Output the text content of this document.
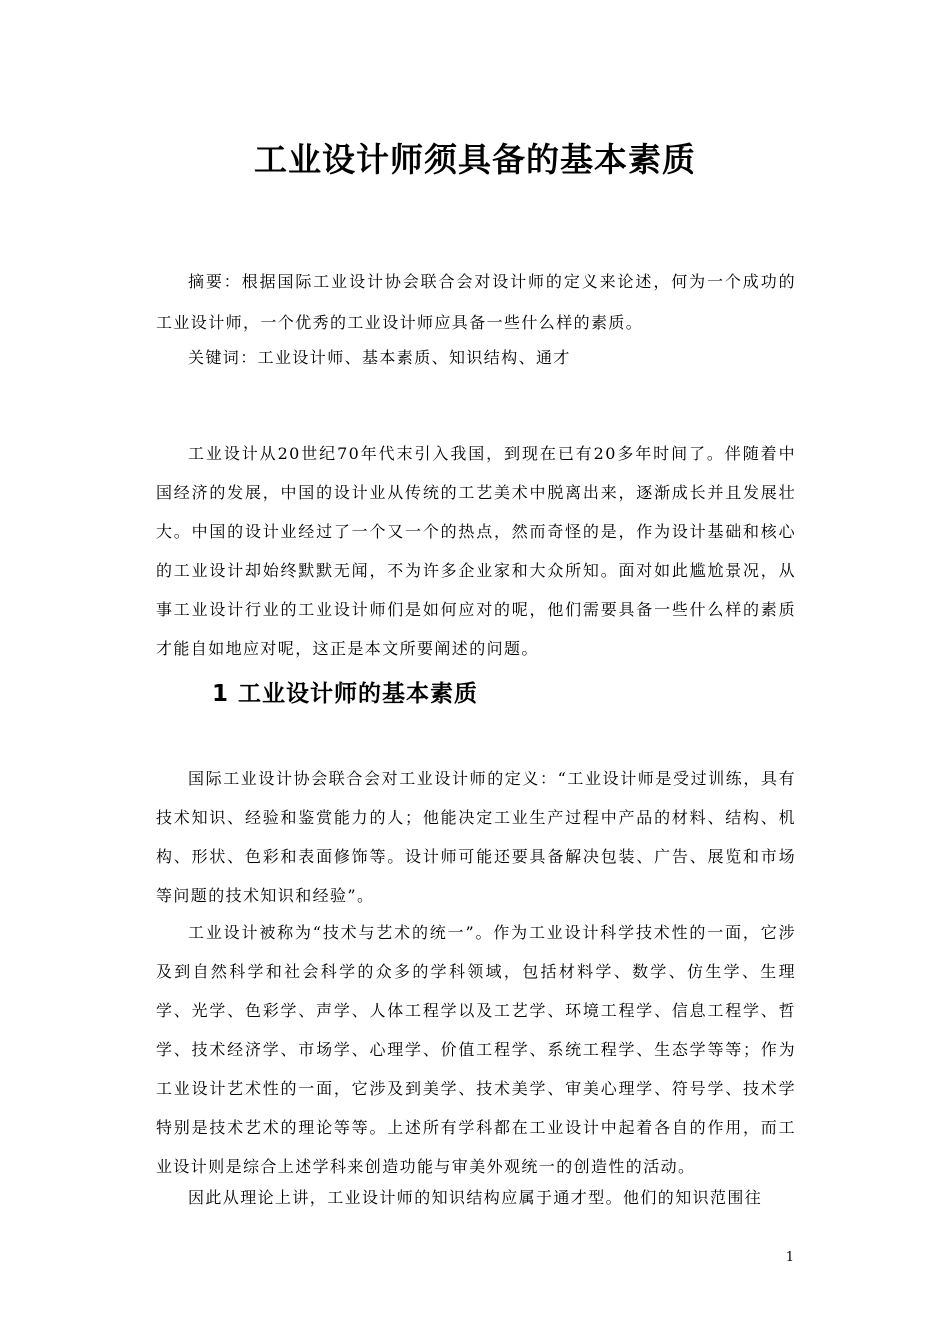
工业设计师须具备的基本素质

摘要：根据国际工业设计协会联合会对设计师的定义来论述，何为一个成功的工业设计师，一个优秀的工业设计师应具备一些什么样的素质。

关键词：工业设计师、基本素质、知识结构、通才

工业设计从20世纪70年代末引入我国，到现在已有20多年时间了。伴随着中国经济的发展，中国的设计业从传统的工艺美术中脱离出来，逐渐成长并且发展壮大。中国的设计业经过了一个又一个的热点，然而奇怪的是，作为设计基础和核心的工业设计却始终默默无闻，不为许多企业家和大众所知。面对如此尴尬景况，从事工业设计行业的工业设计师们是如何应对的呢，他们需要具备一些什么样的素质才能自如地应对呢，这正是本文所要阐述的问题。

1 工业设计师的基本素质

国际工业设计协会联合会对工业设计师的定义：“工业设计师是受过训练，具有技术知识、经验和鉴赏能力的人；他能决定工业生产过程中产品的材料、结构、机构、形状、色彩和表面修饰等。设计师可能还要具备解决包装、广告、展览和市场等问题的技术知识和经验”。

工业设计被称为“技术与艺术的统一”。作为工业设计科学技术性的一面，它涉及到自然科学和社会科学的众多的学科领域，包括材料学、数学、仿生学、生理学、光学、色彩学、声学、人体工程学以及工艺学、环境工程学、信息工程学、哲学、技术经济学、市场学、心理学、价值工程学、系统工程学、生态学等等；作为工业设计艺术性的一面，它涉及到美学、技术美学、审美心理学、符号学、技术学特别是技术艺术的理论等等。上述所有学科都在工业设计中起着各自的作用，而工业设计则是综合上述学科来创造功能与审美外观统一的创造性的活动。

因此从理论上讲，工业设计师的知识结构应属于通才型。他们的知识范围往

1
